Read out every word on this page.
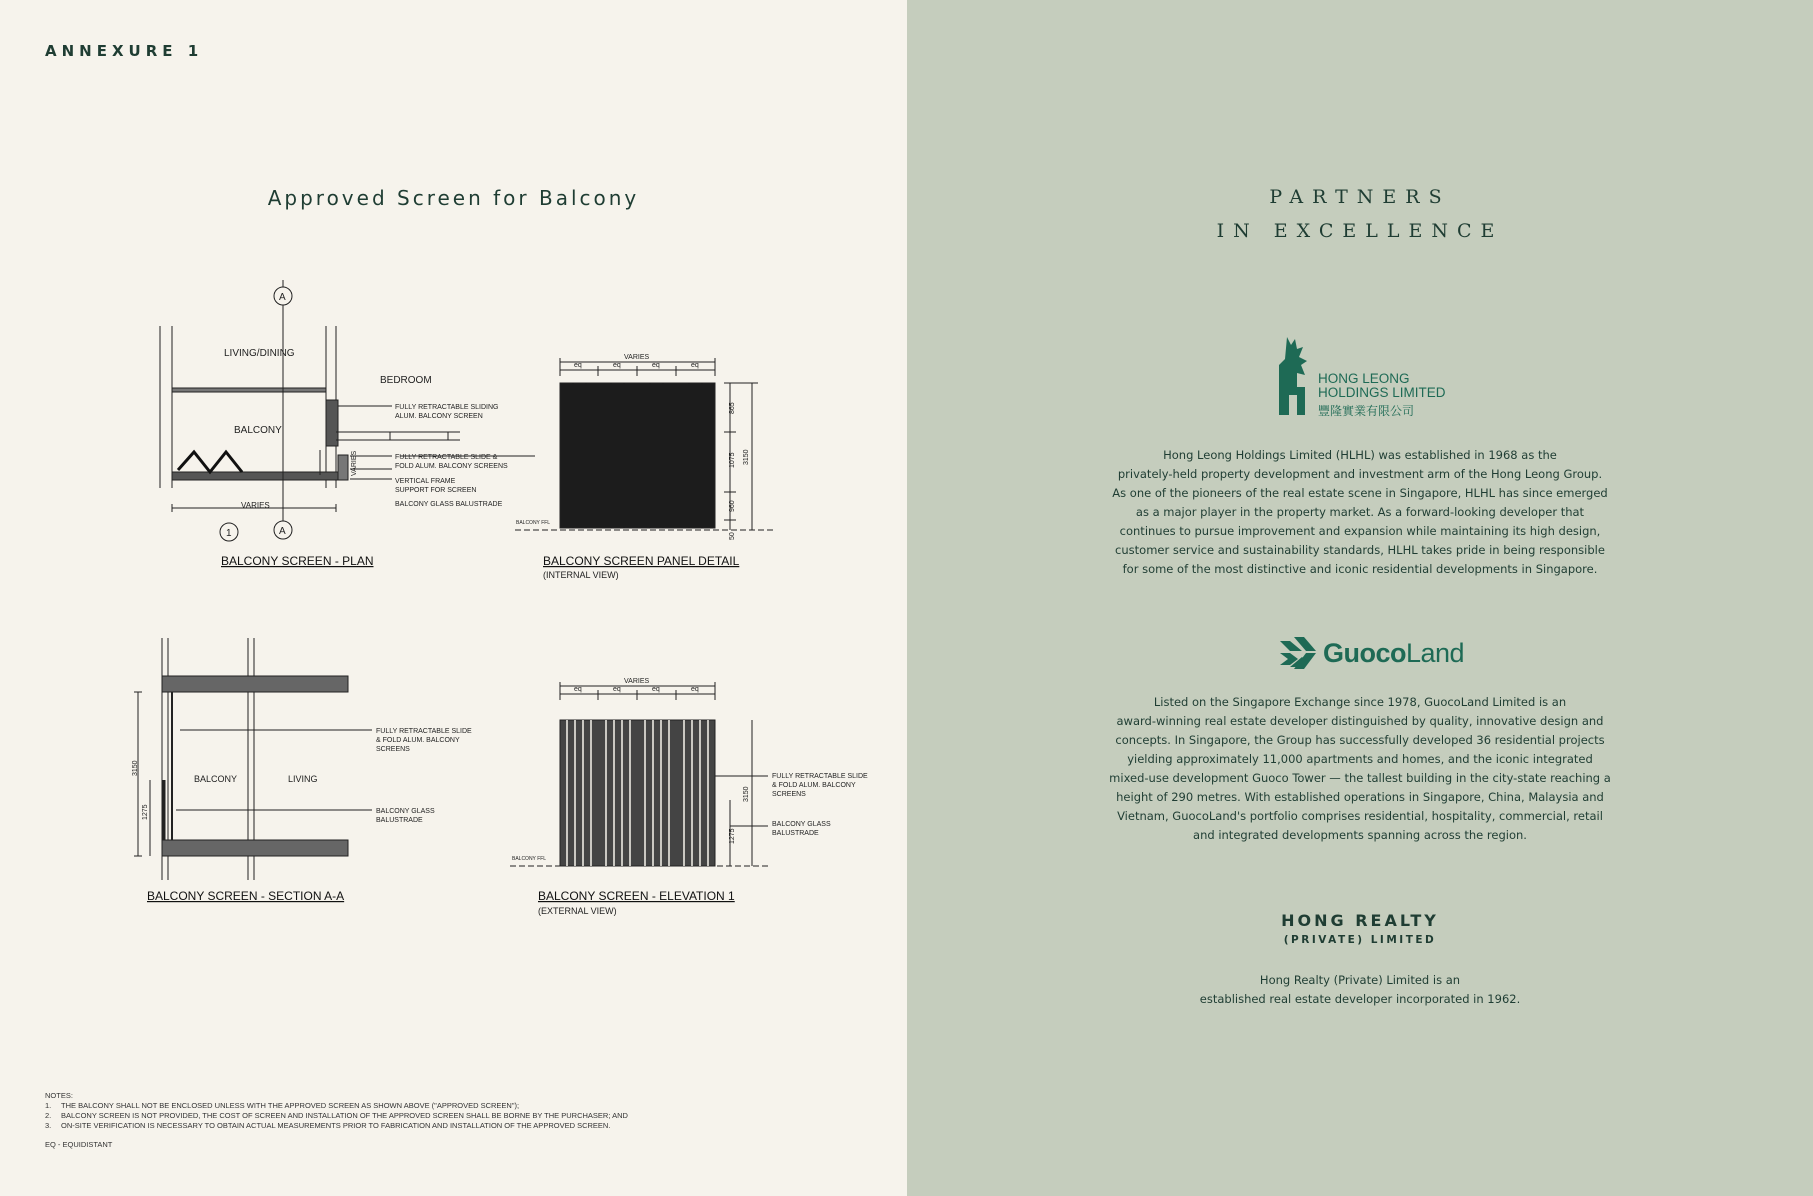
ANNEXURE 1
Approved Screen for Balcony
LIVING/DINING
BEDROOM
BALCONY
VARIES
VARIES
A
A
1
FULLY RETRACTABLE SLIDING
ALUM. BALCONY SCREEN
FULLY RETRACTABLE SLIDE &
FOLD ALUM. BALCONY SCREENS
VERTICAL FRAME
SUPPORT FOR SCREEN
BALCONY GLASS BALUSTRADE
BALCONY SCREEN - PLAN
VARIES
eq	eq	eq	eq
865
1075
960
50
3150
BALCONY FFL
BALCONY SCREEN PANEL DETAIL
(INTERNAL VIEW)
BALCONY	LIVING
3150
1275
FULLY RETRACTABLE SLIDE
& FOLD ALUM. BALCONY
SCREENS
BALCONY GLASS
BALUSTRADE
BALCONY SCREEN - SECTION A-A
VARIES
eq	eq	eq	eq
3150
1275
BALCONY FFL
FULLY RETRACTABLE SLIDE
& FOLD ALUM. BALCONY
SCREENS
BALCONY GLASS
BALUSTRADE
BALCONY SCREEN - ELEVATION 1
(EXTERNAL VIEW)
NOTES:
1.	THE BALCONY SHALL NOT BE ENCLOSED UNLESS WITH THE APPROVED SCREEN AS SHOWN ABOVE ("APPROVED SCREEN");
2.	BALCONY SCREEN IS NOT PROVIDED, THE COST OF SCREEN AND INSTALLATION OF THE APPROVED SCREEN SHALL BE BORNE BY THE PURCHASER; AND
3.	ON-SITE VERIFICATION IS NECESSARY TO OBTAIN ACTUAL MEASUREMENTS PRIOR TO FABRICATION AND INSTALLATION OF THE APPROVED SCREEN.
EQ - EQUIDISTANT
PARTNERS
IN EXCELLENCE
HONG LEONG
HOLDINGS LIMITED
豐隆實業有限公司
Hong Leong Holdings Limited (HLHL) was established in 1968 as the
privately-held property development and investment arm of the Hong Leong Group.
As one of the pioneers of the real estate scene in Singapore, HLHL has since emerged
as a major player in the property market. As a forward-looking developer that
continues to pursue improvement and expansion while maintaining its high design,
customer service and sustainability standards, HLHL takes pride in being responsible
for some of the most distinctive and iconic residential developments in Singapore.
GuocoLand
Listed on the Singapore Exchange since 1978, GuocoLand Limited is an
award-winning real estate developer distinguished by quality, innovative design and
concepts. In Singapore, the Group has successfully developed 36 residential projects
yielding approximately 11,000 apartments and homes, and the iconic integrated
mixed-use development Guoco Tower — the tallest building in the city-state reaching a
height of 290 metres. With established operations in Singapore, China, Malaysia and
Vietnam, GuocoLand's portfolio comprises residential, hospitality, commercial, retail
and integrated developments spanning across the region.
HONG REALTY
(PRIVATE) LIMITED
Hong Realty (Private) Limited is an
established real estate developer incorporated in 1962.
